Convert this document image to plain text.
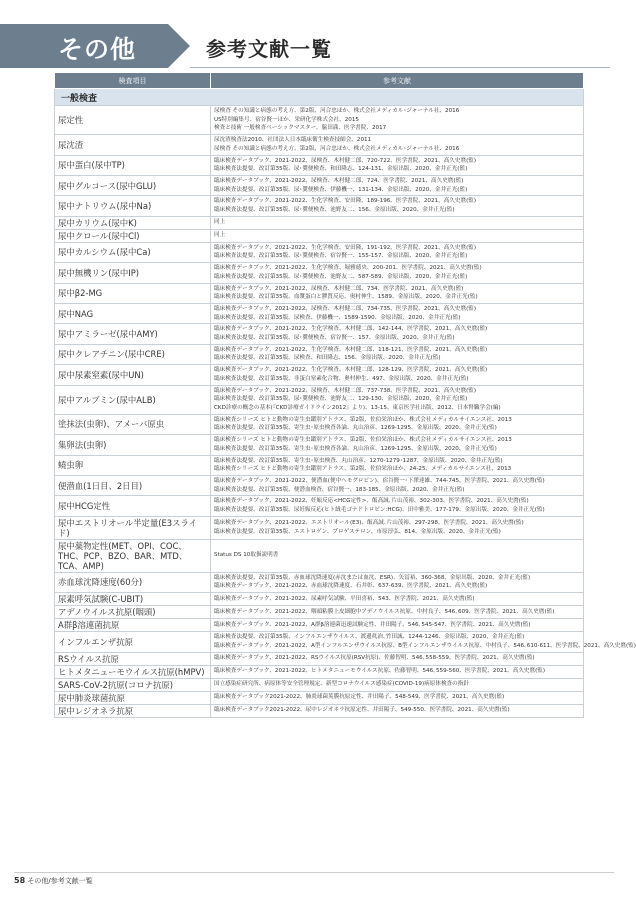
その他	参考文献一覧
検査項目	参考文献
一般検査	
尿定性	尿検査 その知識と病態の考え方、第2版、河合忠ほか、株式会社メディカル･ジャーナル社、2016
US特別編集号、宿谷賢一ほか、栄研化学株式会社、2015
検査と技術 一般検査ベーシックマスター、脇田満、医学書院、2017

尿沈渣	尿沈渣検査法2010、社団法人日本臨床衛生検査技師会、2011
尿検査 その知識と病態の考え方、第2版、河合忠ほか、株式会社メディカル･ジャーナル社、2016

尿中蛋白(尿中TP)	臨床検査データブック、2021-2022、尿検査、木村健二郎、720-722、医学書院、2021、高久史麿(監)
臨床検査法提要、改訂第35版、尿･糞便検査、和田隆志、124-131、金原出版、2020、金井正光(監)

尿中グルコース(尿中GLU)	臨床検査データブック、2021-2022、尿検査、木村健二郎、724、医学書院、2021、高久史麿(監)
臨床検査法提要、改訂第35版、尿･糞便検査、伊藤機一、131-134、金原出版、2020、金井正光(監)

尿中ナトリウム(尿中Na)	臨床検査データブック、2021-2022、生化学検査、安田隆、189-196、医学書院、2021、高久史麿(監)
臨床検査法提要、改訂第35版、尿･糞便検査、池野友二、156、金原出版、2020、金井正光(監)

尿中カリウム(尿中K)	同上

尿中クロール(尿中Cl)	同上

尿中カルシウム(尿中Ca)	臨床検査データブック、2021-2022、生化学検査、安田隆、191-192、医学書院、2021、高久史麿(監)
臨床検査法提要、改訂第35版、尿･糞便検査、宿谷賢一、155-157、金原出版、2020、金井正光(監)

尿中無機リン(尿中IP)	臨床検査データブック、2021-2022、生化学検査、堀雅徳央、200-201、医学書院、2021、高久史麿(監)
臨床検査法提要、改訂第35版、尿･糞便検査、池野友二、587-589、金原出版、2020、金井正光(監)

尿中β2-MG	臨床検査データブック、2021-2022、尿検査、木村健二郎、734、医学書院、2021、高久史麿(監)
臨床検査法提要、改訂第35版、血漿蛋白と膠質反応、奥村伸生、1589、金原出版、2020、金井正光(監)

尿中NAG	臨床検査データブック、2021-2022、尿検査、木村健二郎、734-735、医学書院、2021、高久史麿(監)
臨床検査法提要、改訂第35版、尿検査、伊藤機一、1589-1590、金原出版、2020、金井正光(監)

尿中アミラーゼ(尿中AMY)	臨床検査データブック、2021-2022、生化学検査、木村健二郎、142-144、医学書院、2021、高久史麿(監)
臨床検査法提要、改訂第35版、尿･糞便検査、宿谷賢一、157、金原出版、2020、金井正光(監)

尿中クレアチニン(尿中CRE)	臨床検査データブック、2021-2022、生化学検査、木村健二郎、118-121、医学書院、2021、高久史麿(監)
臨床検査法提要、改訂第35版、尿検査、和田隆志、156、金原出版、2020、金井正光(監)

尿中尿素窒素(尿中UN)	臨床検査データブック、2021-2022、生化学検査、木村健二郎、128-129、医学書院、2021、高久史麿(監)
臨床検査法提要、改訂第35版、非蛋白窒素化合物、奥村伸生、497、金原出版、2020、金井正光(監)

尿中アルブミン(尿中ALB)	臨床検査データブック、2021-2022、尿検査、木村健二郎、737-738、医学書院、2021、高久史麿(監)
臨床検査法提要、改訂第35版、尿･糞便検査、池野友二、129-130、金原出版、2020、金井正光(監)
CKD診療の概念の基本(『CKD診療ガイドライン2012』より)、13-15、東京医学社出版、2012、日本腎臓学会(編)

塗抹法(虫卵)、アメーバ原虫	臨床検査シリーズ ヒトと動物の寄生虫鑑別アトラス、第2版、佐伯栄治ほか、株式会社メディカルサイエンス社、2013
臨床検査法提要、改訂第35版、寄生虫･原虫検査各論、丸山治彦、1269-1295、金原出版、2020、金井正光(監)

集卵法(虫卵)	臨床検査シリーズ ヒトと動物の寄生虫鑑別アトラス、第2版、佐伯栄治ほか、株式会社メディカルサイエンス社、2013
臨床検査法提要、改訂第35版、寄生虫･原虫検査各論、丸山治彦、1269-1295、金原出版、2020、金井正光(監)

蟯虫卵	臨床検査法提要、改訂第35版、寄生虫･原虫検査、丸山治彦、1270-1279･1287、金原出版、2020、金井正光(監)
臨床検査シリーズ ヒトと動物の寄生虫鑑別アトラス、第2版、佐伯栄治ほか、24-25、メディカルサイエンス社、2013

便潜血(1日目、2日目)	臨床検査データブック、2021-2022、便潜血(便中ヘモグロビン)、宿谷賢一･下澤達雄、744-745、医学書院、2021、高久史麿(監)
臨床検査法提要、改訂第35版、便潜血検査、宿谷賢一、183-185、金原出版、2020、金井正光(監)

尿中HCG定性	臨床検査データブック、2021-2022、妊娠反応<HCG定性>、飯高誠､片山茂裕、302-303、医学書院、2021、高久史麿(監)
臨床検査法提要、改訂第35版、尿妊娠反応(ヒト絨毛ゴナドトロピン:HCG)、田中雅美、177-179、金原出版、2020、金井正光(監)

尿中エストリオール半定量(E3スライド)	臨床検査データブック、2021-2022、エストリオール(E3)、飯高誠､片山茂裕、297-298、医学書院、2021、高久史麿(監)
臨床検査法提要、改訂第35版、エストロゲン、プロゲステロン、市原淳弘、814、金原出版、2020、金井正光(監)

尿中薬物定性(MET、OPI、COC、THC、PCP、BZO、BAR、MTD、TCA、AMP)	Status DS 10取扱説明書

赤血球沈降速度(60分)	臨床検査法提要、改訂第35版、赤血球沈降速度(赤沈または血沈、ESR)、矢冨裕、360-368、金原出版、2020、金井正光(監)
臨床検査データブック、2021-2022、赤血球沈降速度、石井彰、637-639、医学書院、2021、高久史麿(監)

尿素呼気試験(C-UBIT)	臨床検査データブック、2021-2022、尿素呼気試験、平田喜裕、543、医学書院、2021、高久史麿(監)

アデノウイルス抗原(咽頭)	臨床検査データブック、2021-2022、咽頭粘膜上皮細胞中アデノウイルス抗原、中村良子、546､609、医学書院、2021、高久史麿(監)

A群β溶連菌抗原	臨床検査データブック、2021-2022、A群β溶連菌迅速試験定性、井田陽子、546､545-547、医学書院、2021、高久史麿(監)

インフルエンザ抗原	臨床検査法提要、改訂第35版、インフルエンザウイルス、渡邊眞治､竹田誠、1244-1246、金原出版、2020、金井正光(監)
臨床検査データブック、2021-2022、A型インフルエンザウイルス抗原、B型インフルエンザウイルス抗原、中村良子、546､610-611、医学書院、2021、高久史麿(監)

RSウイルス抗原	臨床検査データブック、2021-2022、RSウイルス抗原(RSV抗原)、佐藤智明、546､558-559、医学書院、2021、高久史麿(監)

ヒトメタニューモウイルス抗原(hMPV)	臨床検査データブック、2021-2022、ヒトメタニューモウイルス抗原、佐藤智明、546､559-560、医学書院、2021、高久史麿(監)

SARS-CoV-2抗原(コロナ抗原)	国立感染症研究所、病原体等安全管理規定、新型コロナウイルス感染症(COVID-19)病原体検査の指針

尿中肺炎球菌抗原	臨床検査データブック2021-2022、肺炎球菌莢膜抗原定性、井田陽子、548-549、医学書院、2021、高久史麿(監)

尿中レジオネラ抗原	臨床検査データブック2021-2022、尿中レジオネラ抗原定性、井田陽子、549-550、医学書院、2021、高久史麿(監)
58 その他/参考文献一覧
